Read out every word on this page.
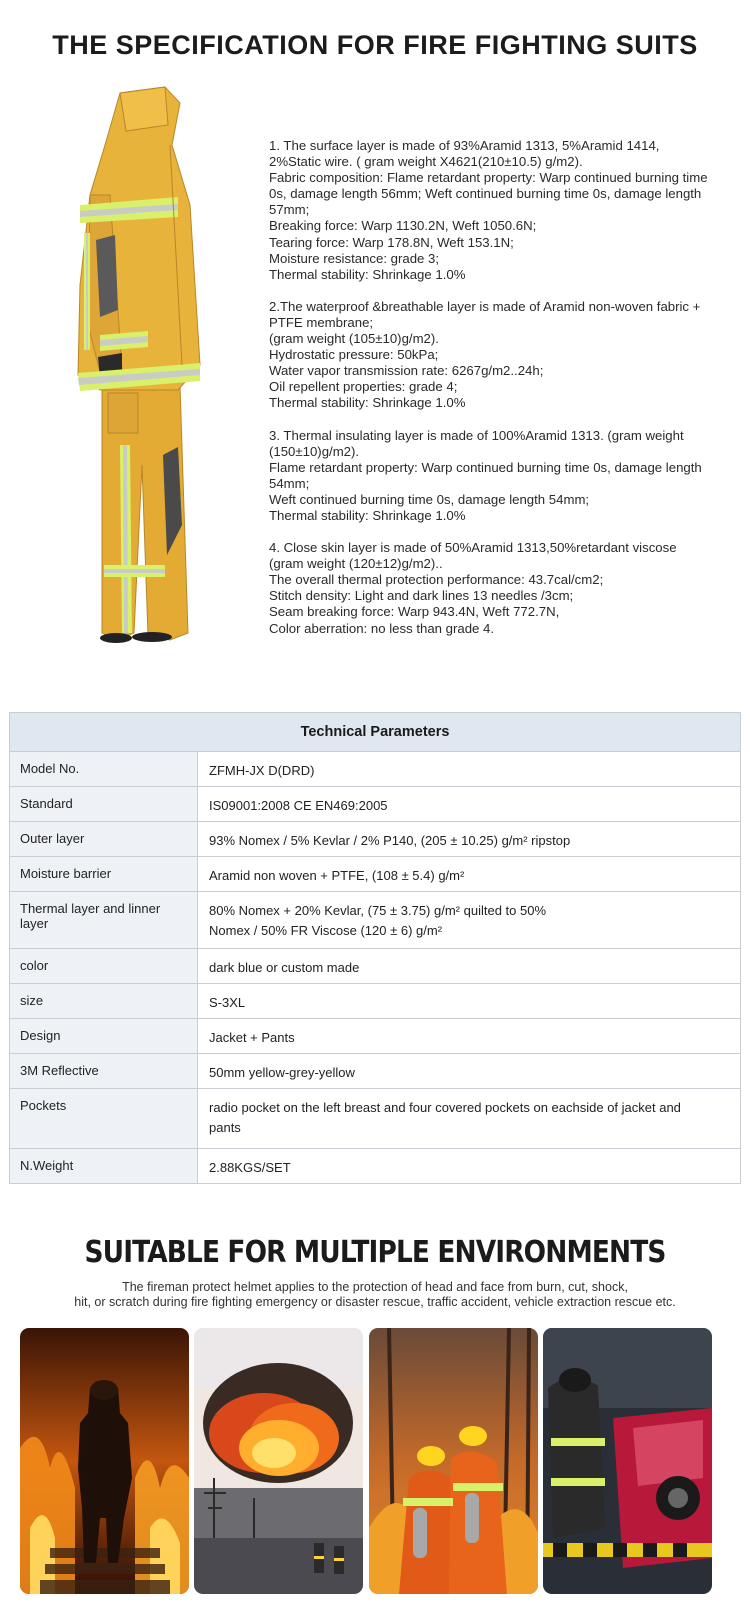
THE SPECIFICATION FOR FIRE FIGHTING SUITS
1. The surface layer is made of 93%Aramid 1313, 5%Aramid 1414,
2%Static wire. ( gram weight X4621(210±10.5) g/m2).
Fabric composition: Flame retardant property: Warp continued burning time
0s, damage length 56mm; Weft continued burning time 0s, damage length
57mm;
Breaking force: Warp 1130.2N, Weft 1050.6N;
Tearing force: Warp 178.8N, Weft 153.1N;
Moisture resistance: grade 3;
Thermal stability: Shrinkage 1.0%
2.The waterproof &breathable layer is made of Aramid non-woven fabric +
PTFE membrane;
(gram weight (105±10)g/m2).
Hydrostatic pressure: 50kPa;
Water vapor transmission rate: 6267g/m2..24h;
Oil repellent properties: grade 4;
Thermal stability: Shrinkage 1.0%
3. Thermal insulating layer is made of 100%Aramid 1313. (gram weight
(150±10)g/m2).
Flame retardant property: Warp continued burning time 0s, damage length
54mm;
Weft continued burning time 0s, damage length 54mm;
Thermal stability: Shrinkage 1.0%
4. Close skin layer is made of 50%Aramid 1313,50%retardant viscose
(gram weight (120±12)g/m2)..
The overall thermal protection performance: 43.7cal/cm2;
Stitch density: Light and dark lines 13 needles /3cm;
Seam breaking force: Warp 943.4N, Weft 772.7N,
Color aberration: no less than grade 4.
Technical Parameters	
Model No.	ZFMH-JX D(DRD)
Standard	IS09001:2008 CE EN469:2005
Outer layer	93% Nomex / 5% Kevlar / 2% P140, (205 ± 10.25) g/m² ripstop
Moisture barrier	Aramid non woven + PTFE, (108 ± 5.4) g/m²
Thermal layer and linner layer	80% Nomex + 20% Kevlar, (75 ± 3.75) g/m² quilted to 50%
Nomex / 50% FR Viscose (120 ± 6) g/m²

color	dark blue or custom made
size	S-3XL
Design	Jacket + Pants
3M Reflective	50mm yellow-grey-yellow
Pockets	radio pocket on the left breast and four covered pockets on eachside of jacket and
pants

N.Weight	2.88KGS/SET
SUITABLE FOR MULTIPLE ENVIRONMENTS
The fireman protect helmet applies to the protection of head and face from burn, cut, shock,
hit, or scratch during fire fighting emergency or disaster rescue, traffic accident, vehicle extraction rescue etc.
